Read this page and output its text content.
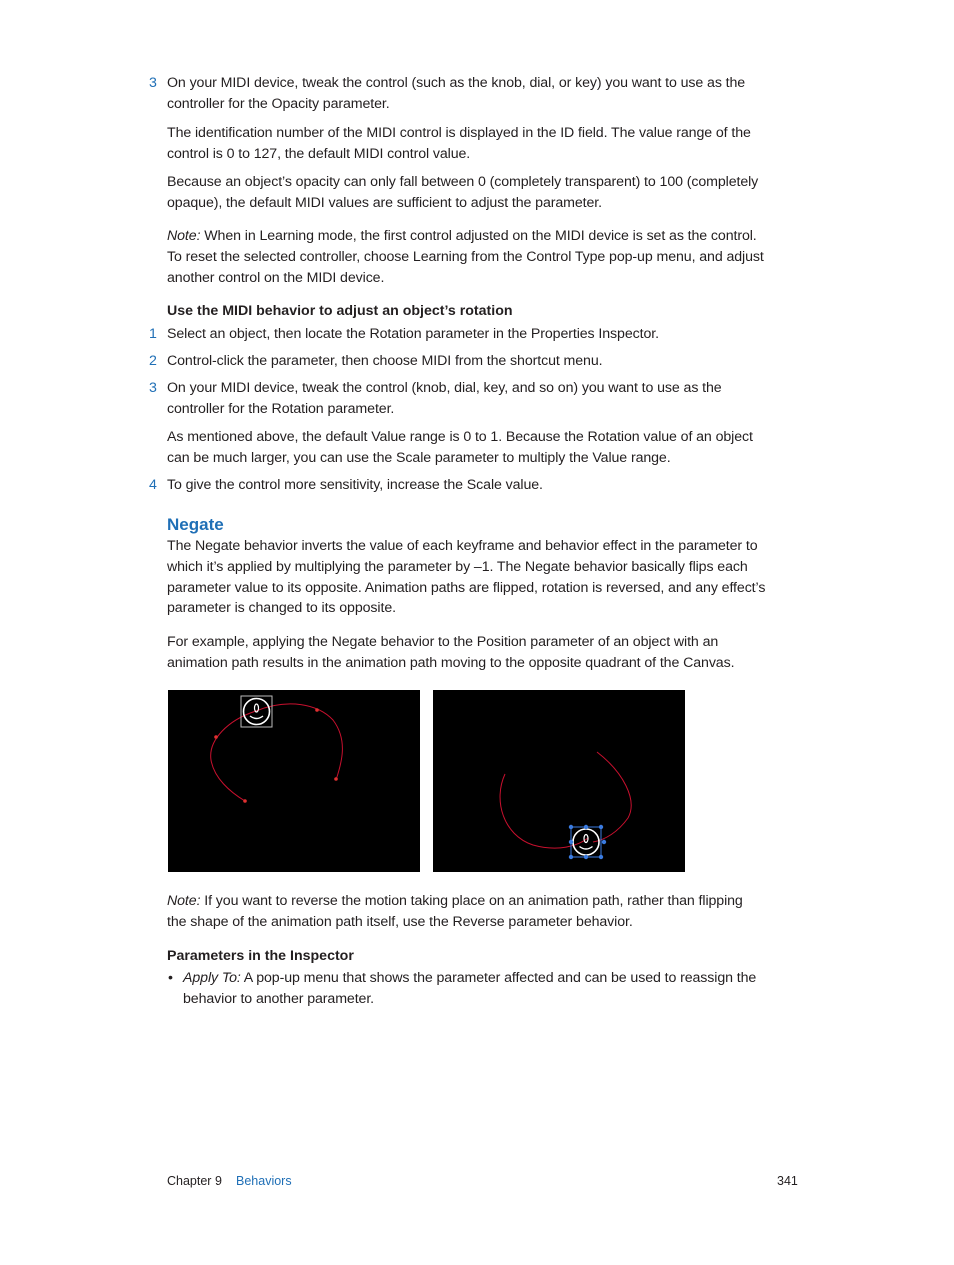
3 On your MIDI device, tweak the control (such as the knob, dial, or key) you want to use as the
controller for the Opacity parameter.

The identification number of the MIDI control is displayed in the ID field. The value range of the
control is 0 to 127, the default MIDI control value.

Because an object’s opacity can only fall between 0 (completely transparent) to 100 (completely
opaque), the default MIDI values are sufficient to adjust the parameter.

Note: When in Learning mode, the first control adjusted on the MIDI device is set as the control.
To reset the selected controller, choose Learning from the Control Type pop-up menu, and adjust
another control on the MIDI device.

Use the MIDI behavior to adjust an object’s rotation

1 Select an object, then locate the Rotation parameter in the Properties Inspector.

2 Control-click the parameter, then choose MIDI from the shortcut menu.

3 On your MIDI device, tweak the control (knob, dial, key, and so on) you want to use as the
controller for the Rotation parameter.

As mentioned above, the default Value range is 0 to 1. Because the Rotation value of an object
can be much larger, you can use the Scale parameter to multiply the Value range.

4 To give the control more sensitivity, increase the Scale value.

Negate

The Negate behavior inverts the value of each keyframe and behavior effect in the parameter to
which it’s applied by multiplying the parameter by –1. The Negate behavior basically flips each
parameter value to its opposite. Animation paths are flipped, rotation is reversed, and any effect’s
parameter is changed to its opposite.

For example, applying the Negate behavior to the Position parameter of an object with an
animation path results in the animation path moving to the opposite quadrant of the Canvas.

Note: If you want to reverse the motion taking place on an animation path, rather than flipping
the shape of the animation path itself, use the Reverse parameter behavior.

Parameters in the Inspector

• Apply To: A pop-up menu that shows the parameter affected and can be used to reassign the
behavior to another parameter.

Chapter 9 Behaviors	341
